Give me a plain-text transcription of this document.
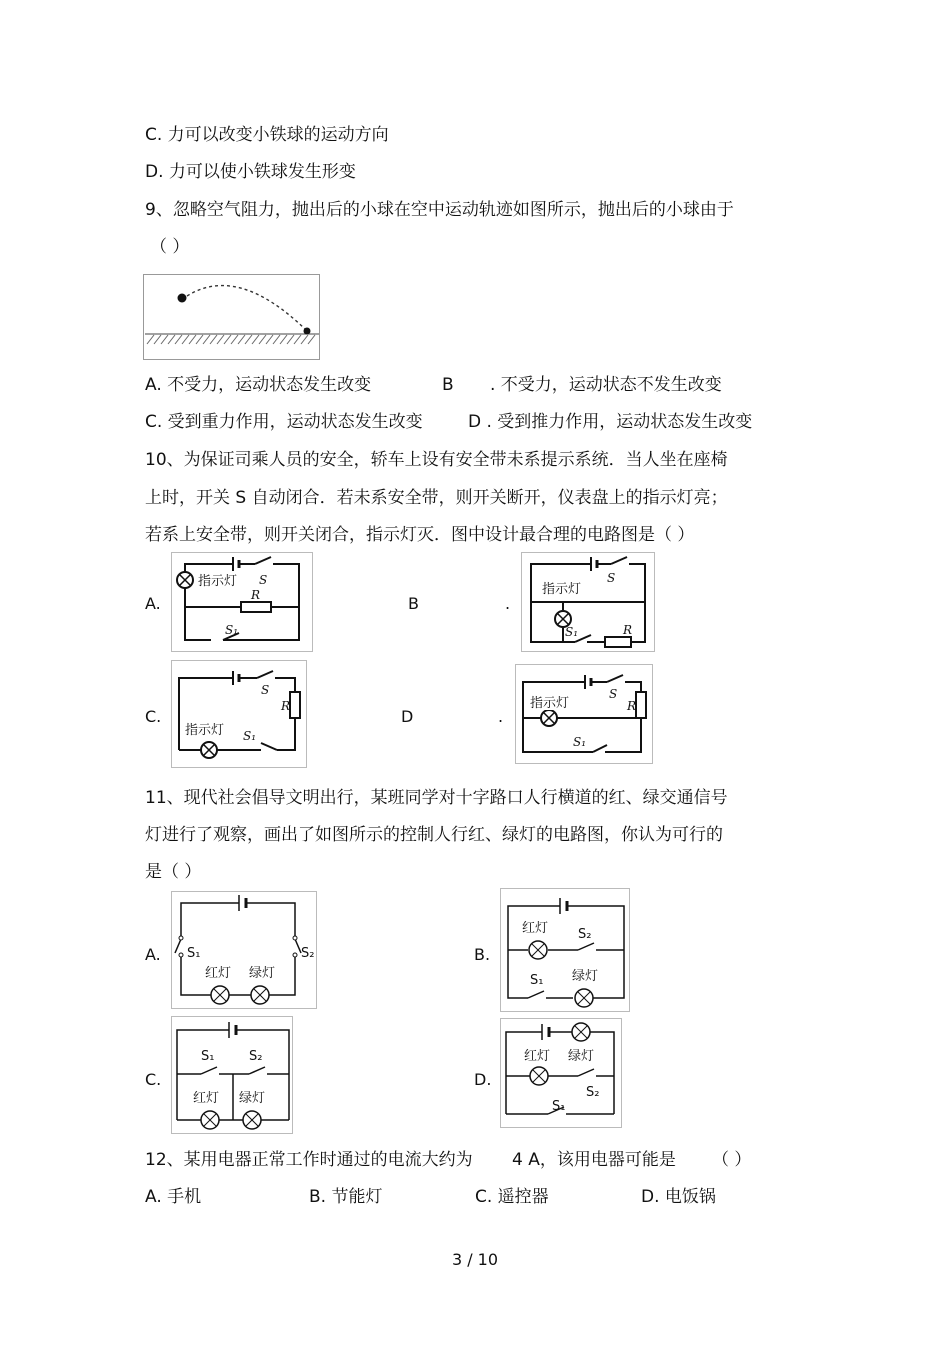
C. 力可以改变小铁球的运动方向
D. 力可以使小铁球发生形变
9、忽略空气阻力，抛出后的小球在空中运动轨迹如图所示，抛出后的小球由于
（ ）
A. 不受力，运动状态发生改变	B . 不受力，运动状态不发生改变
C. 受到重力作用，运动状态发生改变	D . 受到推力作用，运动状态发生改变
10、为保证司乘人员的安全，轿车上设有安全带未系提示系统．当人坐在座椅
上时，开关 S 自动闭合．若未系安全带，则开关断开，仪表盘上的指示灯亮；
若系上安全带，则开关闭合，指示灯灭．图中设计最合理的电路图是（ ）
A.
指示灯 S
R
S₁
B	.
指示灯
S
S₁	R
C.
指示灯
S
R
S₁
D	.
指示灯
S
R
S₁
11、现代社会倡导文明出行，某班同学对十字路口人行横道的红、绿交通信号
灯进行了观察，画出了如图所示的控制人行红、绿灯的电路图，你认为可行的
是（ ）
A. S₁	S₂
红灯 绿灯
B.
红灯 S₂
S₁ 绿灯
C.
S₁	S₂
红灯 绿灯
D.
红灯 绿灯
S₂
S₁
12、某用电器正常工作时通过的电流大约为 4 A，该用电器可能是 （ ）
A. 手机	B. 节能灯	C. 遥控器	D. 电饭锅
3 / 10
